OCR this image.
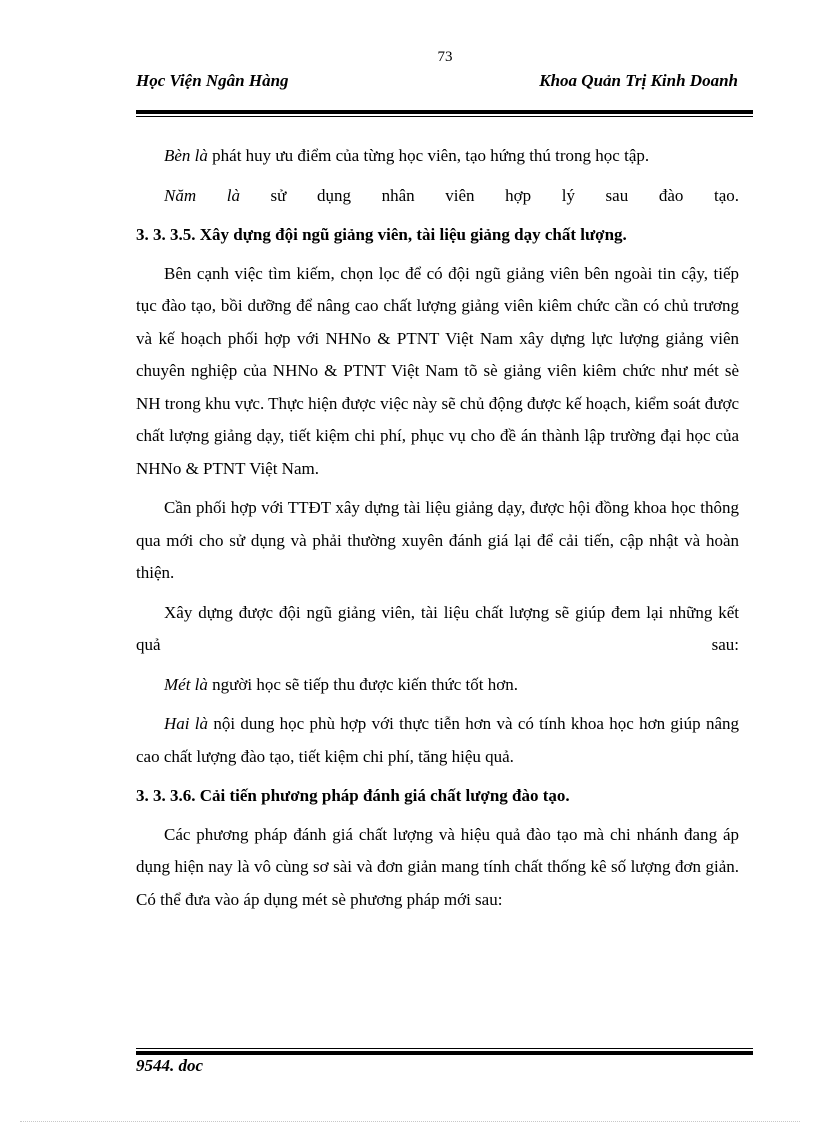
73
Học Viện Ngân Hàng	Khoa Quản Trị Kinh Doanh

Bèn là phát huy ưu điểm của từng học viên, tạo hứng thú trong học tập.

Năm là sử dụng nhân viên hợp lý sau đào tạo.

3. 3. 3.5. Xây dựng đội ngũ giảng viên, tài liệu giảng dạy chất lượng.

Bên cạnh việc tìm kiếm, chọn lọc để có đội ngũ giảng viên bên ngoài tin cậy, tiếp tục đào tạo, bồi dưỡng để nâng cao chất lượng giảng viên kiêm chức cần có chủ trương và kế hoạch phối hợp với NHNo & PTNT Việt Nam xây dựng lực lượng giảng viên chuyên nghiệp của NHNo & PTNT Việt Nam tõ sè giảng viên kiêm chức như mét sè NH trong khu vực. Thực hiện được việc này sẽ chủ động được kế hoạch, kiểm soát được chất lượng giảng dạy, tiết kiệm chi phí, phục vụ cho đề án thành lập trường đại học của NHNo & PTNT Việt Nam.

Cần phối hợp với TTĐT xây dựng tài liệu giảng dạy, được hội đồng khoa học thông qua mới cho sử dụng và phải thường xuyên đánh giá lại để cải tiến, cập nhật và hoàn thiện.

Xây dựng được đội ngũ giảng viên, tài liệu chất lượng sẽ giúp đem lại những kết quả sau:

Mét là người học sẽ tiếp thu được kiến thức tốt hơn.

Hai là nội dung học phù hợp với thực tiễn hơn và có tính khoa học hơn giúp nâng cao chất lượng đào tạo, tiết kiệm chi phí, tăng hiệu quả.

3. 3. 3.6. Cải tiến phương pháp đánh giá chất lượng đào tạo.

Các phương pháp đánh giá chất lượng và hiệu quả đào tạo mà chi nhánh đang áp dụng hiện nay là vô cùng sơ sài và đơn giản mang tính chất thống kê số lượng đơn giản. Có thể đưa vào áp dụng mét sè phương pháp mới sau:

9544. doc
